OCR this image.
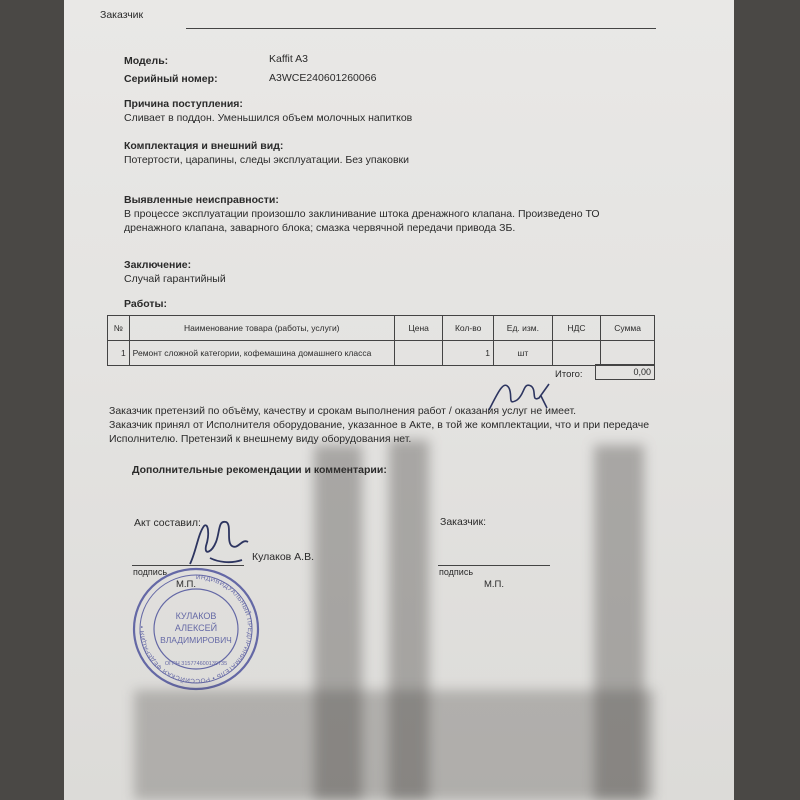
Заказчик
Модель:	Kaffit A3
Серийный номер:	A3WCE240601260066
Причина поступления:
Сливает в поддон. Уменьшился объем молочных напитков
Комплектация и внешний вид:
Потертости, царапины, следы эксплуатации. Без упаковки
Выявленные неисправности:
В процессе эксплуатации произошло заклинивание штока дренажного клапана. Произведено ТО
дренажного клапана, заварного блока; смазка червячной передачи привода ЗБ.
Заключение:
Случай гарантийный
Работы:
№	Наименование товара (работы, услуги)	Цена	Кол-во	Ед. изм.	НДС	Сумма
1	Ремонт сложной категории, кофемашина домашнего класса		1	шт		
Итого:	0,00
Заказчик претензий по объёму, качеству и срокам выполнения работ / оказания услуг не имеет.
Заказчик принял от Исполнителя оборудование, указанное в Акте, в той же комплектации, что и при передаче
Исполнителю. Претензий к внешнему виду оборудования нет.
Дополнительные рекомендации и комментарии:
Акт составил:
подпись
Кулаков А.В.
М.П.
Заказчик:
подпись
М.П.
ИНДИВИДУАЛЬНЫЙ ПРЕДПРИНИМАТЕЛЬ • РОССИЙСКАЯ ФЕДЕРАЦИЯ •
КУЛАКОВ
АЛЕКСЕЙ
ВЛАДИМИРОВИЧ
ОГРН 315774600139735
